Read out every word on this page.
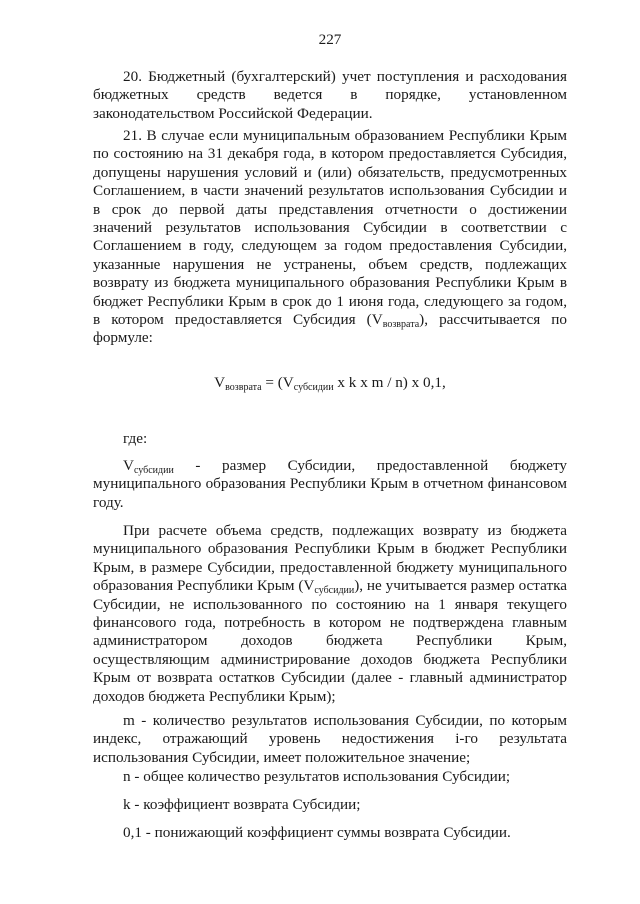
227

20. Бюджетный (бухгалтерский) учет поступления и расходования бюджетных средств ведется в порядке, установленном законодательством Российской Федерации.

21. В случае если муниципальным образованием Республики Крым по состоянию на 31 декабря года, в котором предоставляется Субсидия, допущены нарушения условий и (или) обязательств, предусмотренных Соглашением, в части значений результатов использования Субсидии и в срок до первой даты представления отчетности о достижении значений результатов использования Субсидии в соответствии с Соглашением в году, следующем за годом предоставления Субсидии, указанные нарушения не устранены, объем средств, подлежащих возврату из бюджета муниципального образования Республики Крым в бюджет Республики Крым в срок до 1 июня года, следующего за годом, в котором предоставляется Субсидия $(V_{возврата})$, рассчитывается по формуле:

$V_{возврата} = (V_{субсидии}$ x k x m / n) x 0,1,

где:

$V_{субсидии}$ - размер Субсидии, предоставленной бюджету муниципального образования Республики Крым в отчетном финансовом году.

При расчете объема средств, подлежащих возврату из бюджета муниципального образования Республики Крым в бюджет Республики Крым, в размере Субсидии, предоставленной бюджету муниципального образования Республики Крым $(V_{субсидии})$, не учитывается размер остатка Субсидии, не использованного по состоянию на 1 января текущего финансового года, потребность в котором не подтверждена главным администратором доходов бюджета Республики Крым, осуществляющим администрирование доходов бюджета Республики Крым от возврата остатков Субсидии (далее - главный администратор доходов бюджета Республики Крым);

m - количество результатов использования Субсидии, по которым индекс, отражающий уровень недостижения i-го результата использования Субсидии, имеет положительное значение;

n - общее количество результатов использования Субсидии;

k - коэффициент возврата Субсидии;

0,1 - понижающий коэффициент суммы возврата Субсидии.
